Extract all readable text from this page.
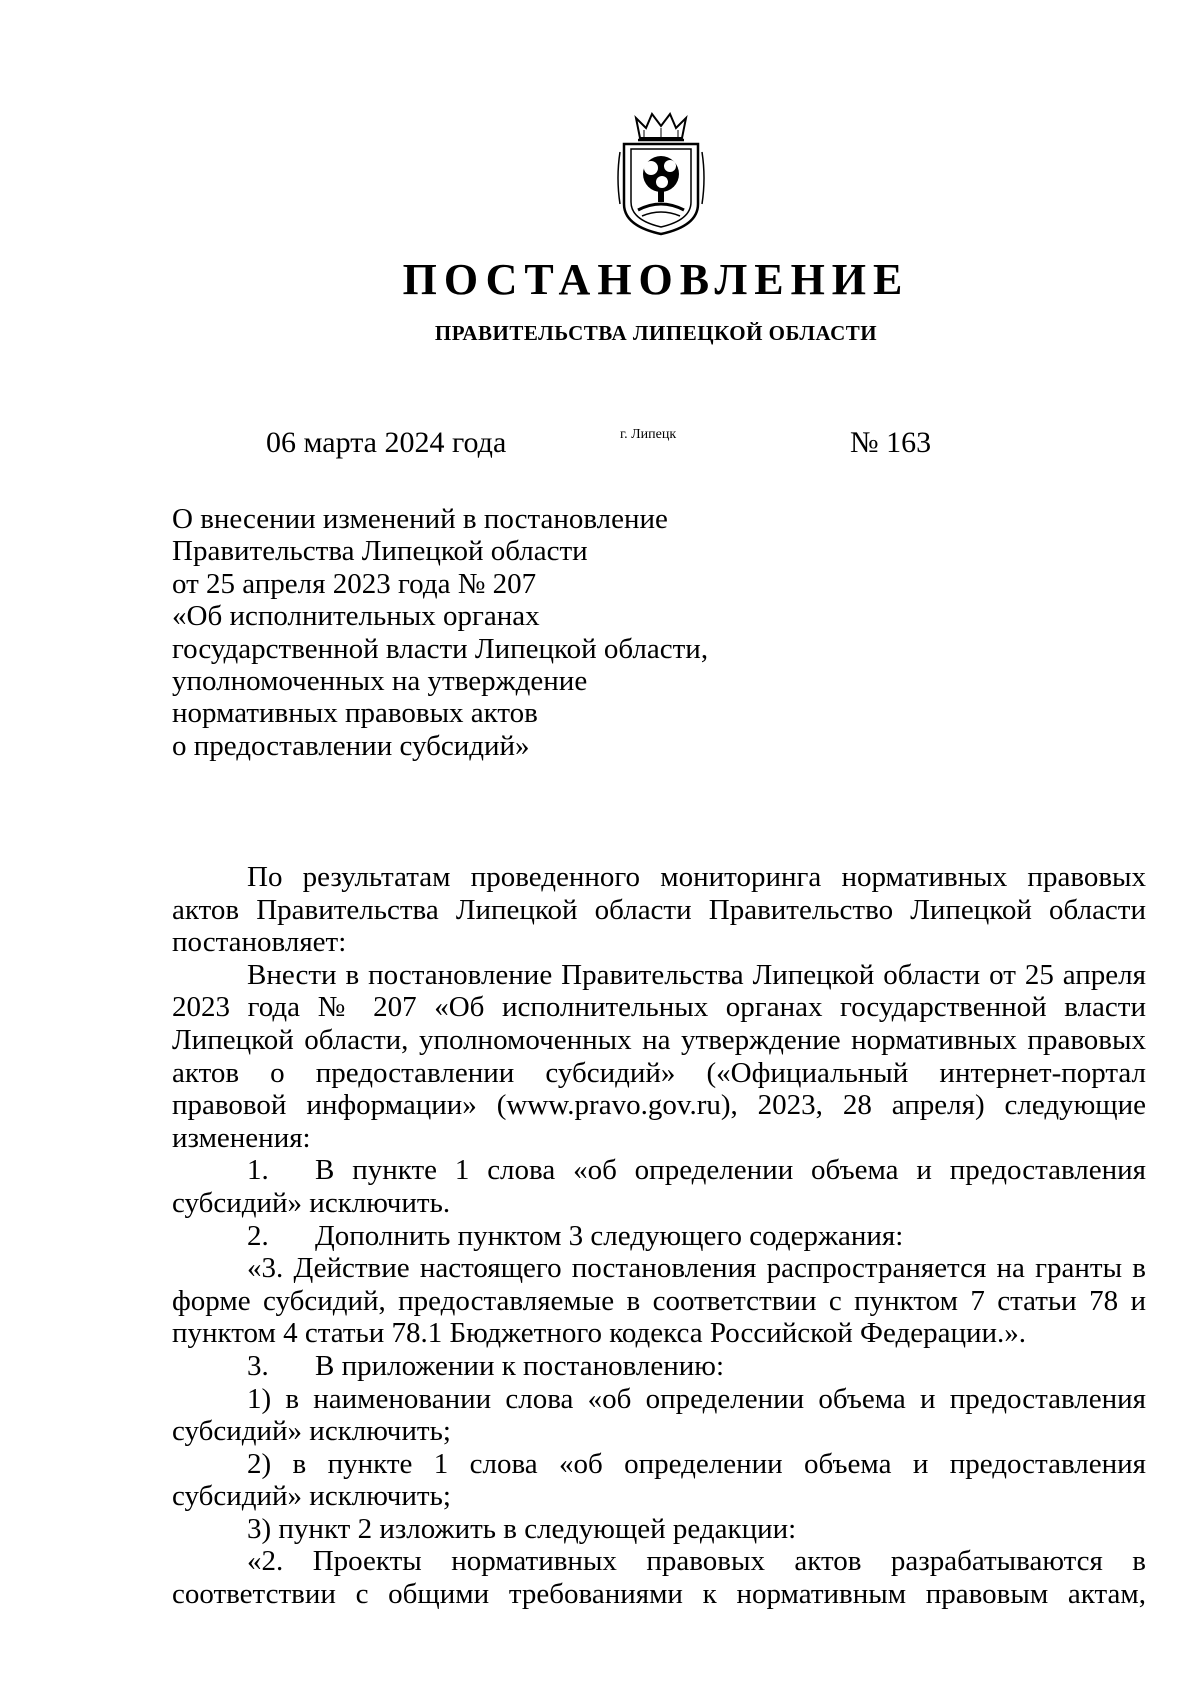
ПОСТАНОВЛЕНИЕ
ПРАВИТЕЛЬСТВА ЛИПЕЦКОЙ ОБЛАСТИ
06 марта 2024 года	г. Липецк	№ 163
О внесении изменений в постановление
Правительства Липецкой области
от 25 апреля 2023 года № 207
«Об исполнительных органах
государственной власти Липецкой области,
уполномоченных на утверждение
нормативных правовых актов
о предоставлении субсидий»
По результатам проведенного мониторинга нормативных правовых актов Правительства Липецкой области Правительство Липецкой области постановляет:
Внести в постановление Правительства Липецкой области от 25 апреля 2023 года № 207 «Об исполнительных органах государственной власти Липецкой области, уполномоченных на утверждение нормативных правовых актов о предоставлении субсидий» («Официальный интернет-портал правовой информации» (www.pravo.gov.ru), 2023, 28 апреля) следующие изменения:
1.	В пункте 1 слова «об определении объема и предоставления
субсидий» исключить.
2.	Дополнить пунктом 3 следующего содержания:
«3. Действие настоящего постановления распространяется на гранты в форме субсидий, предоставляемые в соответствии с пунктом 7 статьи 78 и пунктом 4 статьи 78.1 Бюджетного кодекса Российской Федерации.».
3.	В приложении к постановлению:
1) в наименовании слова «об определении объема и предоставления субсидий» исключить;
2) в пункте 1 слова «об определении объема и предоставления субсидий» исключить;
3) пункт 2 изложить в следующей редакции:
«2. Проекты нормативных правовых актов разрабатываются в соответствии с общими требованиями к нормативным правовым актам,
